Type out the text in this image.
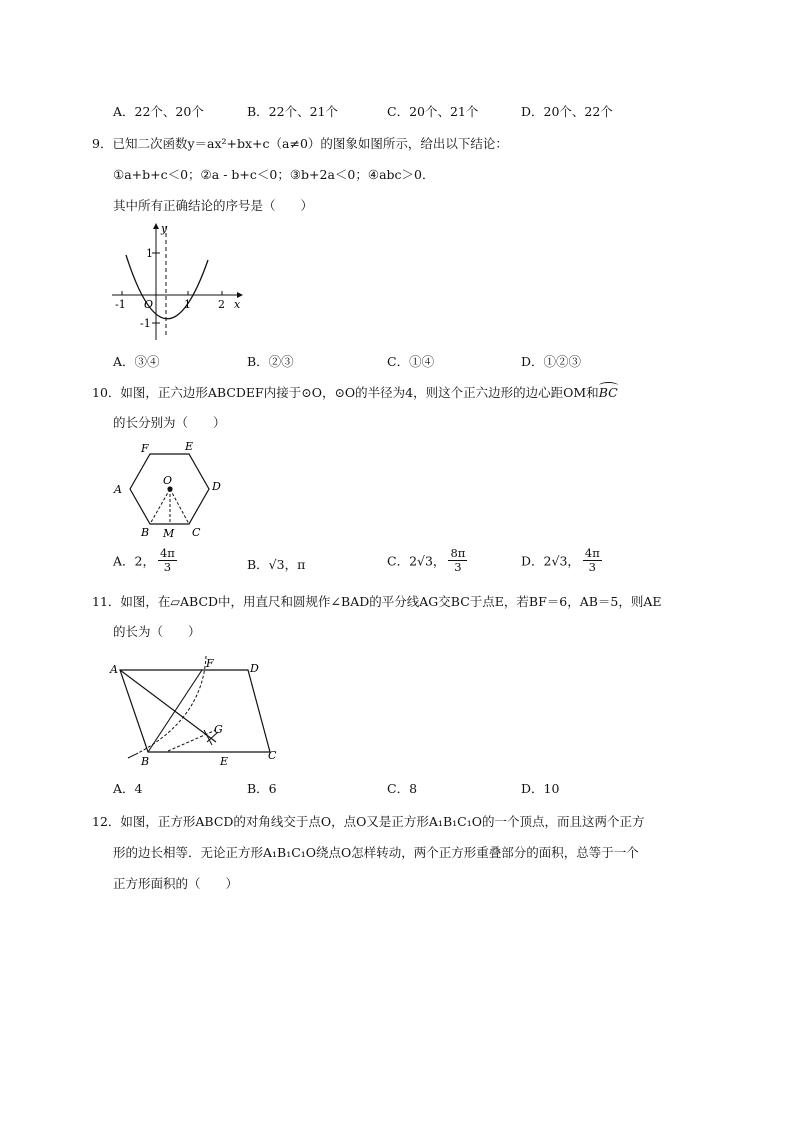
A．22个、20个	B．22个、21个	C．20个、21个	D．20个、22个
9．已知二次函数y＝ax²+bx+c（a≠0）的图象如图所示，给出以下结论：
①a+b+c＜0；②a - b+c＜0；③b+2a＜0；④abc＞0．
其中所有正确结论的序号是（　　）
y
x
1
-1
-1 O	1 2
A．③④	B．②③	C．①④	D．①②③
10．如图，正六边形ABCDEF内接于⊙O，⊙O的半径为4，则这个正六边形的边心距OM和BC
的长分别为（　　）
A
B	C
D
E
F
O
M
A．2， $\frac{4\pi}{3}$	B．√3，π	C．2√3， $\frac{8\pi}{3}$	D．2√3， $\frac{4\pi}{3}$
11．如图，在▱ABCD中，用直尺和圆规作∠BAD的平分线AG交BC于点E，若BF＝6，AB＝5，则AE
的长为（　　）
A
B	C
D
E
F
G
A．4	B．6	C．8	D．10
12．如图，正方形ABCD的对角线交于点O，点O又是正方形A₁B₁C₁O的一个顶点，而且这两个正方
形的边长相等．无论正方形A₁B₁C₁O绕点O怎样转动，两个正方形重叠部分的面积，总等于一个
正方形面积的（　　）
